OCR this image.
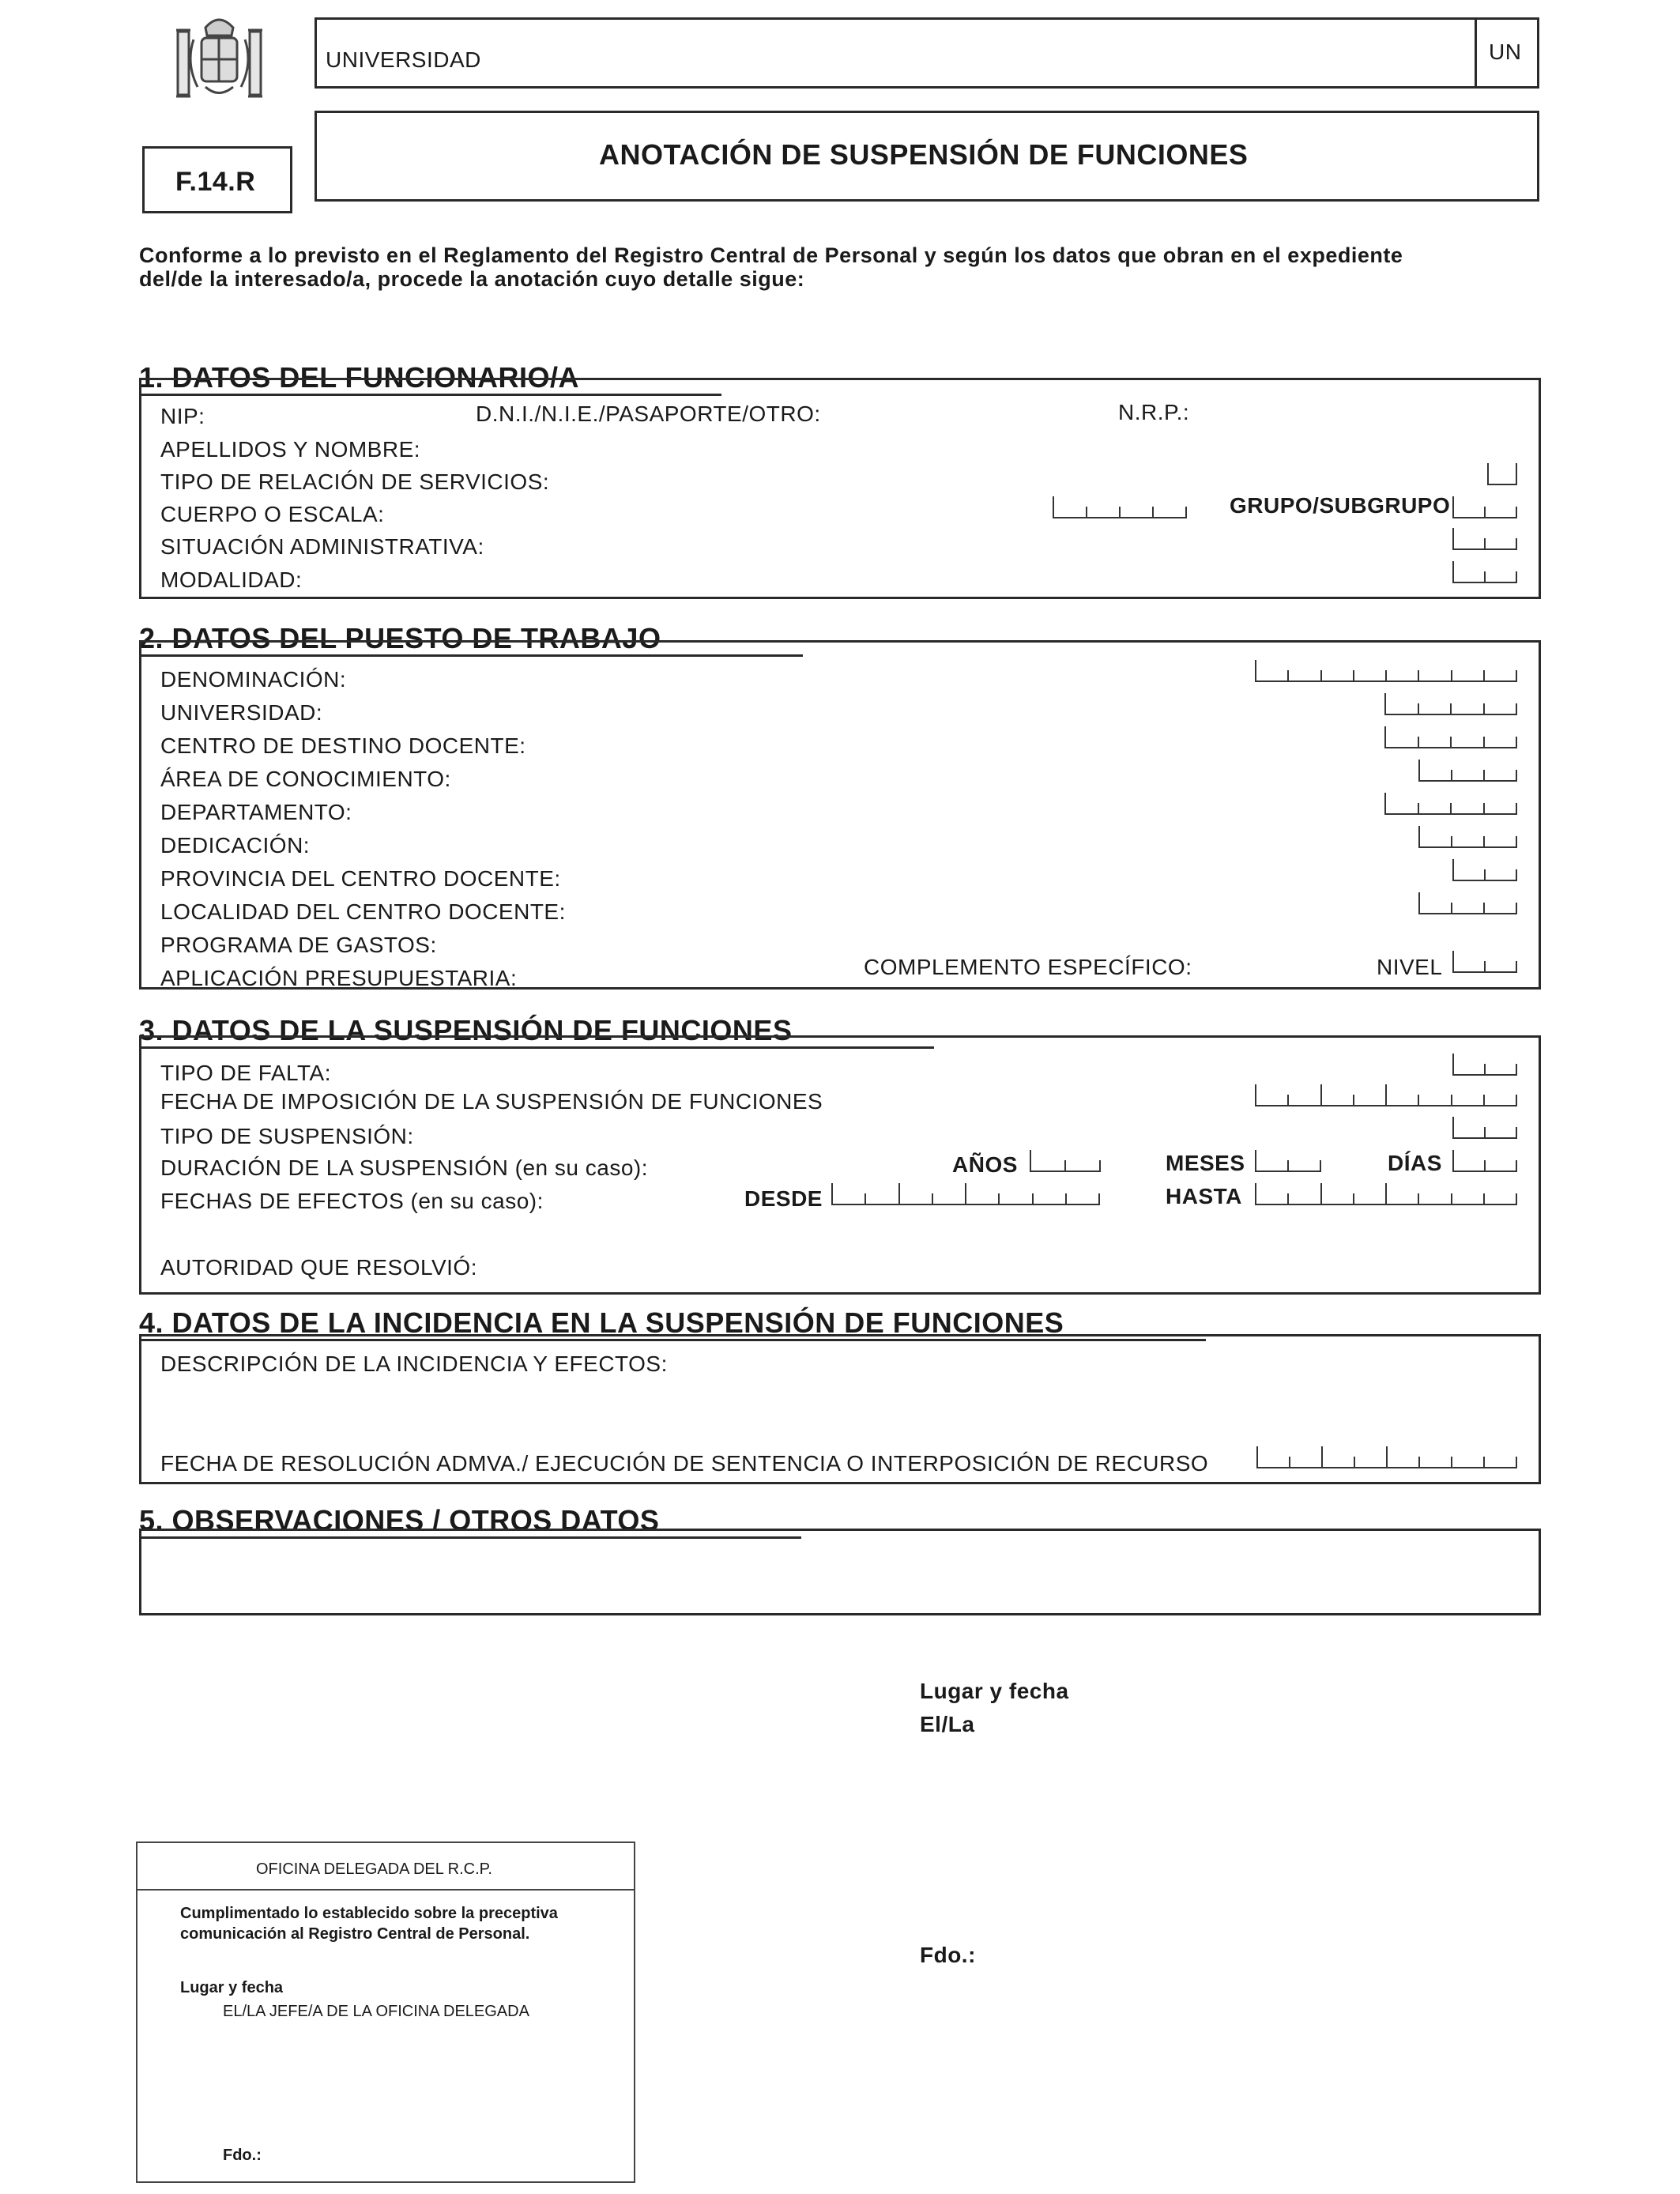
UNIVERSIDAD	UN
F.14.R
ANOTACIÓN DE SUSPENSIÓN DE FUNCIONES
Conforme a lo previsto en el Reglamento del Registro Central de Personal y según los datos que obran en el expediente
del/de la interesado/a, procede la anotación cuyo detalle sigue:
1. DATOS DEL FUNCIONARIO/A
NIP:	D.N.I./N.I.E./PASAPORTE/OTRO:	N.R.P.:
APELLIDOS Y NOMBRE:
TIPO DE RELACIÓN DE SERVICIOS:
CUERPO O ESCALA:	GRUPO/SUBGRUPO
SITUACIÓN ADMINISTRATIVA:
MODALIDAD:
2. DATOS DEL PUESTO DE TRABAJO
DENOMINACIÓN:
UNIVERSIDAD:
CENTRO DE DESTINO DOCENTE:
ÁREA DE CONOCIMIENTO:
DEPARTAMENTO:
DEDICACIÓN:
PROVINCIA DEL CENTRO DOCENTE:
LOCALIDAD DEL CENTRO DOCENTE:
PROGRAMA DE GASTOS:
APLICACIÓN PRESUPUESTARIA:	COMPLEMENTO ESPECÍFICO:	NIVEL
3. DATOS DE LA SUSPENSIÓN DE FUNCIONES
TIPO DE FALTA:
FECHA DE IMPOSICIÓN DE LA SUSPENSIÓN DE FUNCIONES
TIPO DE SUSPENSIÓN:
DURACIÓN DE LA SUSPENSIÓN (en su caso):	AÑOS	MESES	DÍAS
FECHAS DE EFECTOS (en su caso):	DESDE	HASTA
AUTORIDAD QUE RESOLVIÓ:
4. DATOS DE LA INCIDENCIA EN LA SUSPENSIÓN DE FUNCIONES
DESCRIPCIÓN DE LA INCIDENCIA Y EFECTOS:
FECHA DE RESOLUCIÓN ADMVA./ EJECUCIÓN DE SENTENCIA O INTERPOSICIÓN DE RECURSO
5. OBSERVACIONES / OTROS DATOS
Lugar y fecha
El/La
Fdo.:
OFICINA DELEGADA DEL R.C.P.
Cumplimentado lo establecido sobre la preceptiva
comunicación al Registro Central de Personal.
Lugar y fecha
EL/LA JEFE/A DE LA OFICINA DELEGADA
Fdo.:
